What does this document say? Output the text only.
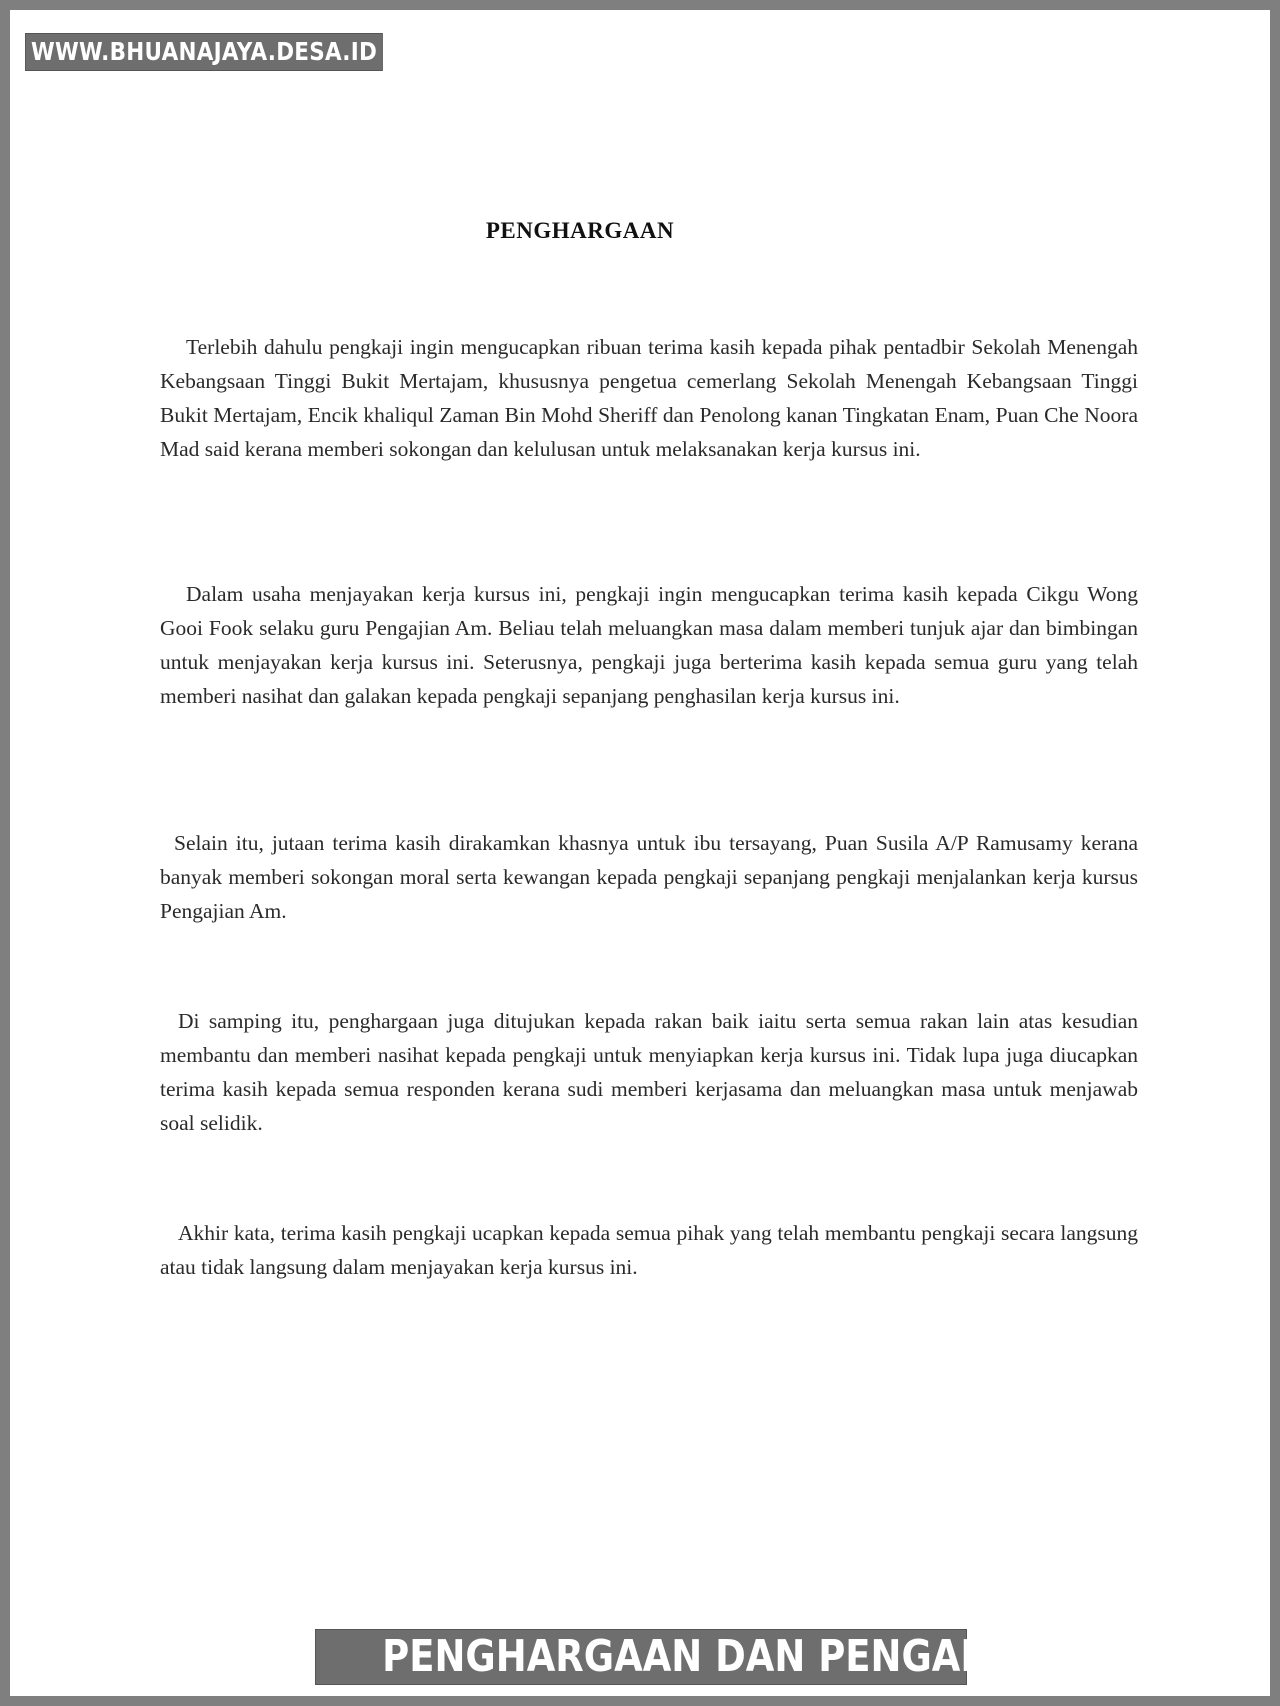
PENGHARGAAN

Terlebih dahulu pengkaji ingin mengucapkan ribuan terima kasih kepada pihak pentadbir Sekolah Menengah Kebangsaan Tinggi Bukit Mertajam, khususnya pengetua cemerlang Sekolah Menengah Kebangsaan Tinggi Bukit Mertajam, Encik khaliqul Zaman Bin Mohd Sheriff dan Penolong kanan Tingkatan Enam, Puan Che Noora Mad said kerana memberi sokongan dan kelulusan untuk melaksanakan kerja kursus ini.

Dalam usaha menjayakan kerja kursus ini, pengkaji ingin mengucapkan terima kasih kepada Cikgu Wong Gooi Fook selaku guru Pengajian Am. Beliau telah meluangkan masa dalam memberi tunjuk ajar dan bimbingan untuk menjayakan kerja kursus ini. Seterusnya, pengkaji juga berterima kasih kepada semua guru yang telah memberi nasihat dan galakan kepada pengkaji sepanjang penghasilan kerja kursus ini.

Selain itu, jutaan terima kasih dirakamkan khasnya untuk ibu tersayang, Puan Susila A/P Ramusamy kerana banyak memberi sokongan moral serta kewangan kepada pengkaji sepanjang pengkaji menjalankan kerja kursus Pengajian Am.

Di samping itu, penghargaan juga ditujukan kepada rakan baik iaitu serta semua rakan lain atas kesudian membantu dan memberi nasihat kepada pengkaji untuk menyiapkan kerja kursus ini. Tidak lupa juga diucapkan terima kasih kepada semua responden kerana sudi memberi kerjasama dan meluangkan masa untuk menjawab soal selidik.

Akhir kata, terima kasih pengkaji ucapkan kepada semua pihak yang telah membantu pengkaji secara langsung atau tidak langsung dalam menjayakan kerja kursus ini.

WWW.BHUANAJAYA.DESA.ID
PENGHARGAAN DAN PENGAKUAN
